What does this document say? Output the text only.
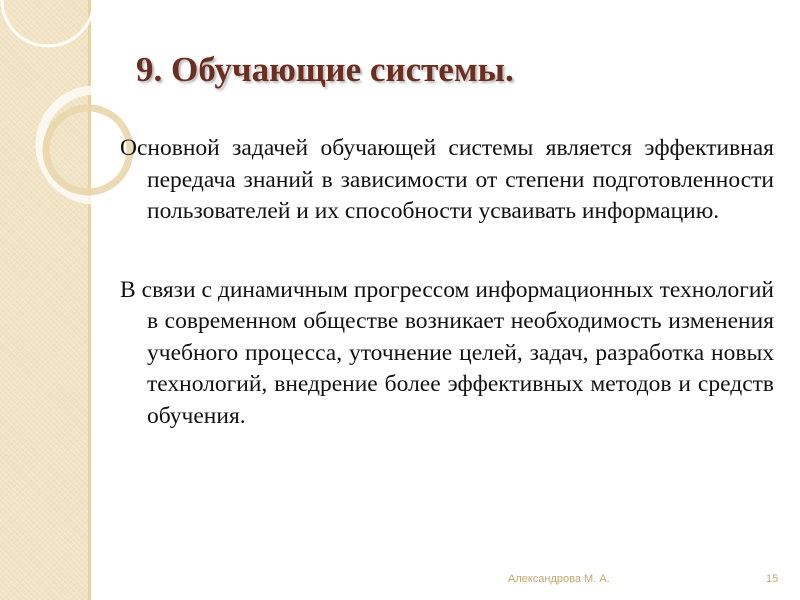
9. Обучающие системы.

Основной задачей обучающей системы является эффективная передача знаний в зависимости от степени подготовленности пользователей и их способности усваивать информацию.

В связи с динамичным прогрессом информационных технологий в современном обществе возникает необходимость изменения учебного процесса, уточнение целей, задач, разработка новых технологий, внедрение более эффективных методов и средств обучения.

Александрова М. А.	15
